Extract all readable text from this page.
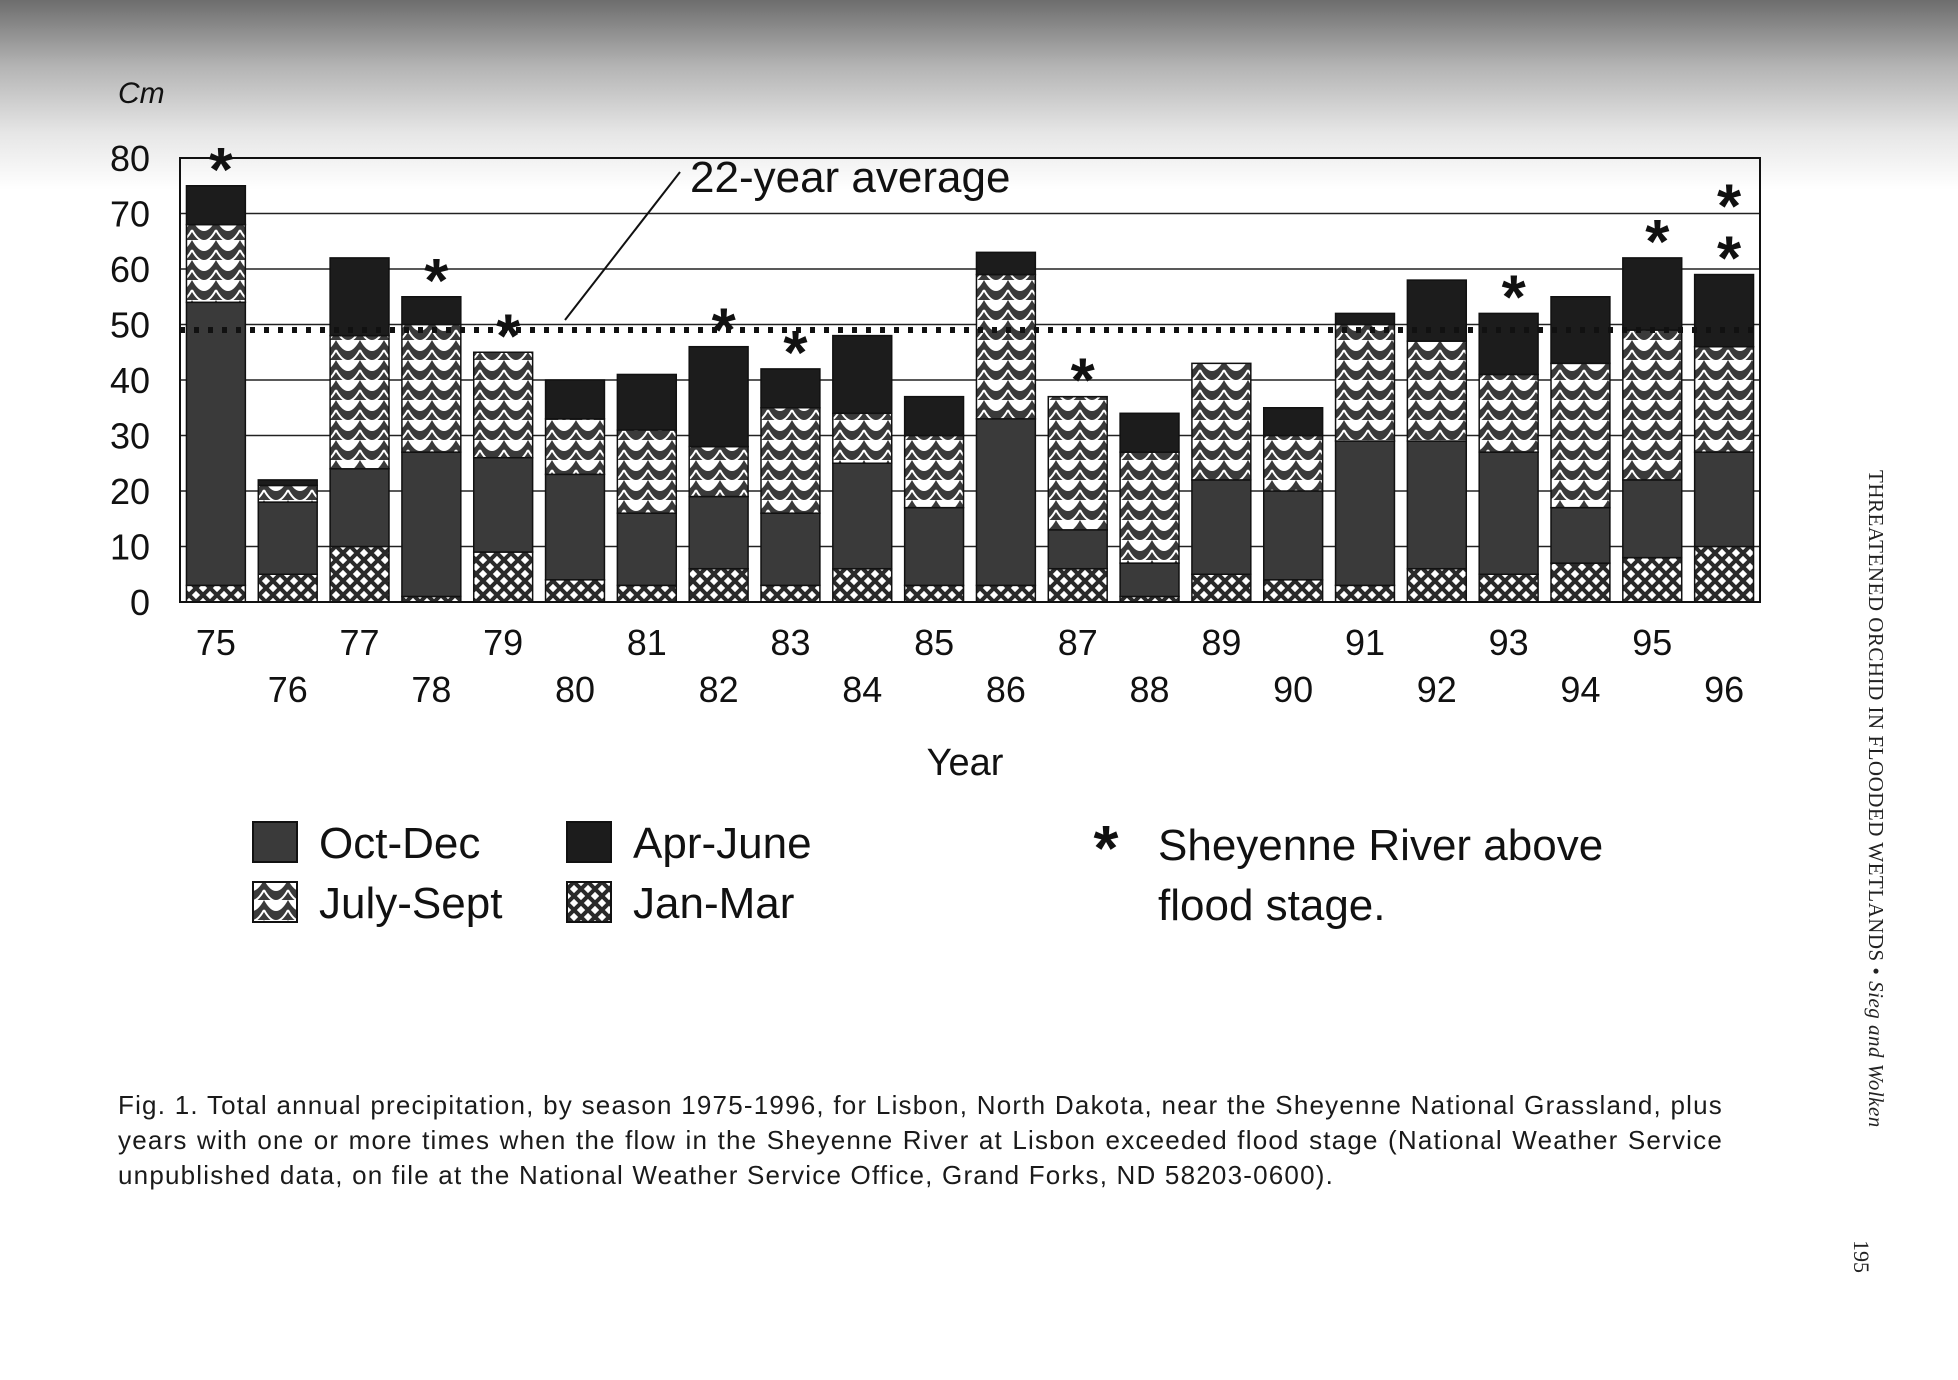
0
10
20
30
40
50
60
70
80	22-year average
75
76
77
78
79
80
81
82
83
84
85
86
87
88
89
90
91
92
93
94
95
96
*
*
*	* *	*
*
* *
*
Cm
Year
Oct-Dec	Apr-June
July-Sept	Jan-Mar
* Sheyenne River above flood stage.

Fig. 1. Total annual precipitation, by season 1975-1996, for Lisbon, North Dakota, near the Sheyenne National Grassland, plus years with one or more times when the flow in the Sheyenne River at Lisbon exceeded flood stage (National Weather Service unpublished data, on file at the National Weather Service Office, Grand Forks, ND 58203-0600).

THREATENED ORCHID IN FLOODED WETLANDS • Sieg and Wolken
195
